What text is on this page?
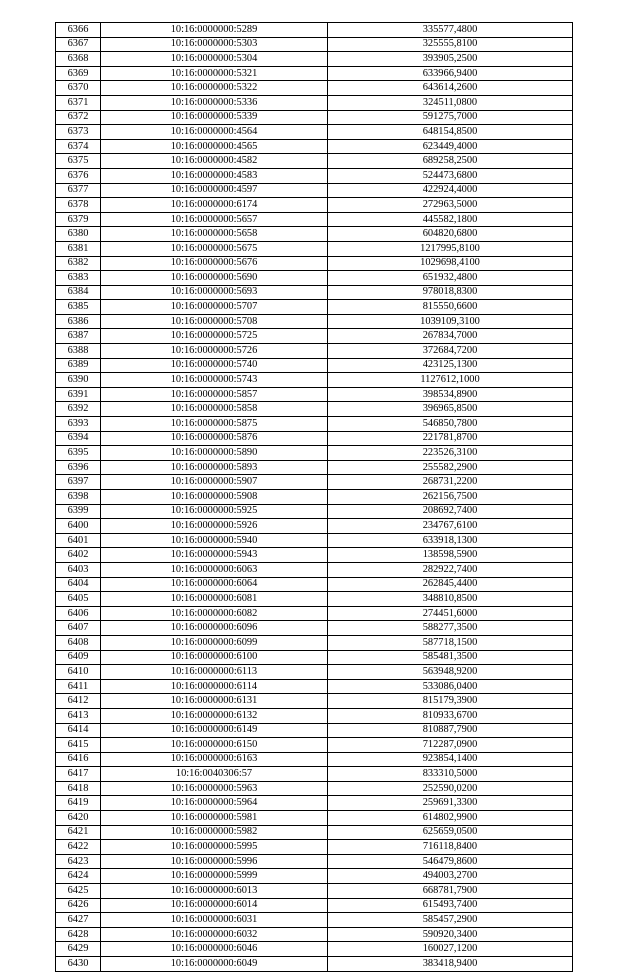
6366	10:16:0000000:5289	335577,4800
6367	10:16:0000000:5303	325555,8100
6368	10:16:0000000:5304	393905,2500
6369	10:16:0000000:5321	633966,9400
6370	10:16:0000000:5322	643614,2600
6371	10:16:0000000:5336	324511,0800
6372	10:16:0000000:5339	591275,7000
6373	10:16:0000000:4564	648154,8500
6374	10:16:0000000:4565	623449,4000
6375	10:16:0000000:4582	689258,2500
6376	10:16:0000000:4583	524473,6800
6377	10:16:0000000:4597	422924,4000
6378	10:16:0000000:6174	272963,5000
6379	10:16:0000000:5657	445582,1800
6380	10:16:0000000:5658	604820,6800
6381	10:16:0000000:5675	1217995,8100
6382	10:16:0000000:5676	1029698,4100
6383	10:16:0000000:5690	651932,4800
6384	10:16:0000000:5693	978018,8300
6385	10:16:0000000:5707	815550,6600
6386	10:16:0000000:5708	1039109,3100
6387	10:16:0000000:5725	267834,7000
6388	10:16:0000000:5726	372684,7200
6389	10:16:0000000:5740	423125,1300
6390	10:16:0000000:5743	1127612,1000
6391	10:16:0000000:5857	398534,8900
6392	10:16:0000000:5858	396965,8500
6393	10:16:0000000:5875	546850,7800
6394	10:16:0000000:5876	221781,8700
6395	10:16:0000000:5890	223526,3100
6396	10:16:0000000:5893	255582,2900
6397	10:16:0000000:5907	268731,2200
6398	10:16:0000000:5908	262156,7500
6399	10:16:0000000:5925	208692,7400
6400	10:16:0000000:5926	234767,6100
6401	10:16:0000000:5940	633918,1300
6402	10:16:0000000:5943	138598,5900
6403	10:16:0000000:6063	282922,7400
6404	10:16:0000000:6064	262845,4400
6405	10:16:0000000:6081	348810,8500
6406	10:16:0000000:6082	274451,6000
6407	10:16:0000000:6096	588277,3500
6408	10:16:0000000:6099	587718,1500
6409	10:16:0000000:6100	585481,3500
6410	10:16:0000000:6113	563948,9200
6411	10:16:0000000:6114	533086,0400
6412	10:16:0000000:6131	815179,3900
6413	10:16:0000000:6132	810933,6700
6414	10:16:0000000:6149	810887,7900
6415	10:16:0000000:6150	712287,0900
6416	10:16:0000000:6163	923854,1400
6417	10:16:0040306:57	833310,5000
6418	10:16:0000000:5963	252590,0200
6419	10:16:0000000:5964	259691,3300
6420	10:16:0000000:5981	614802,9900
6421	10:16:0000000:5982	625659,0500
6422	10:16:0000000:5995	716118,8400
6423	10:16:0000000:5996	546479,8600
6424	10:16:0000000:5999	494003,2700
6425	10:16:0000000:6013	668781,7900
6426	10:16:0000000:6014	615493,7400
6427	10:16:0000000:6031	585457,2900
6428	10:16:0000000:6032	590920,3400
6429	10:16:0000000:6046	160027,1200
6430	10:16:0000000:6049	383418,9400
